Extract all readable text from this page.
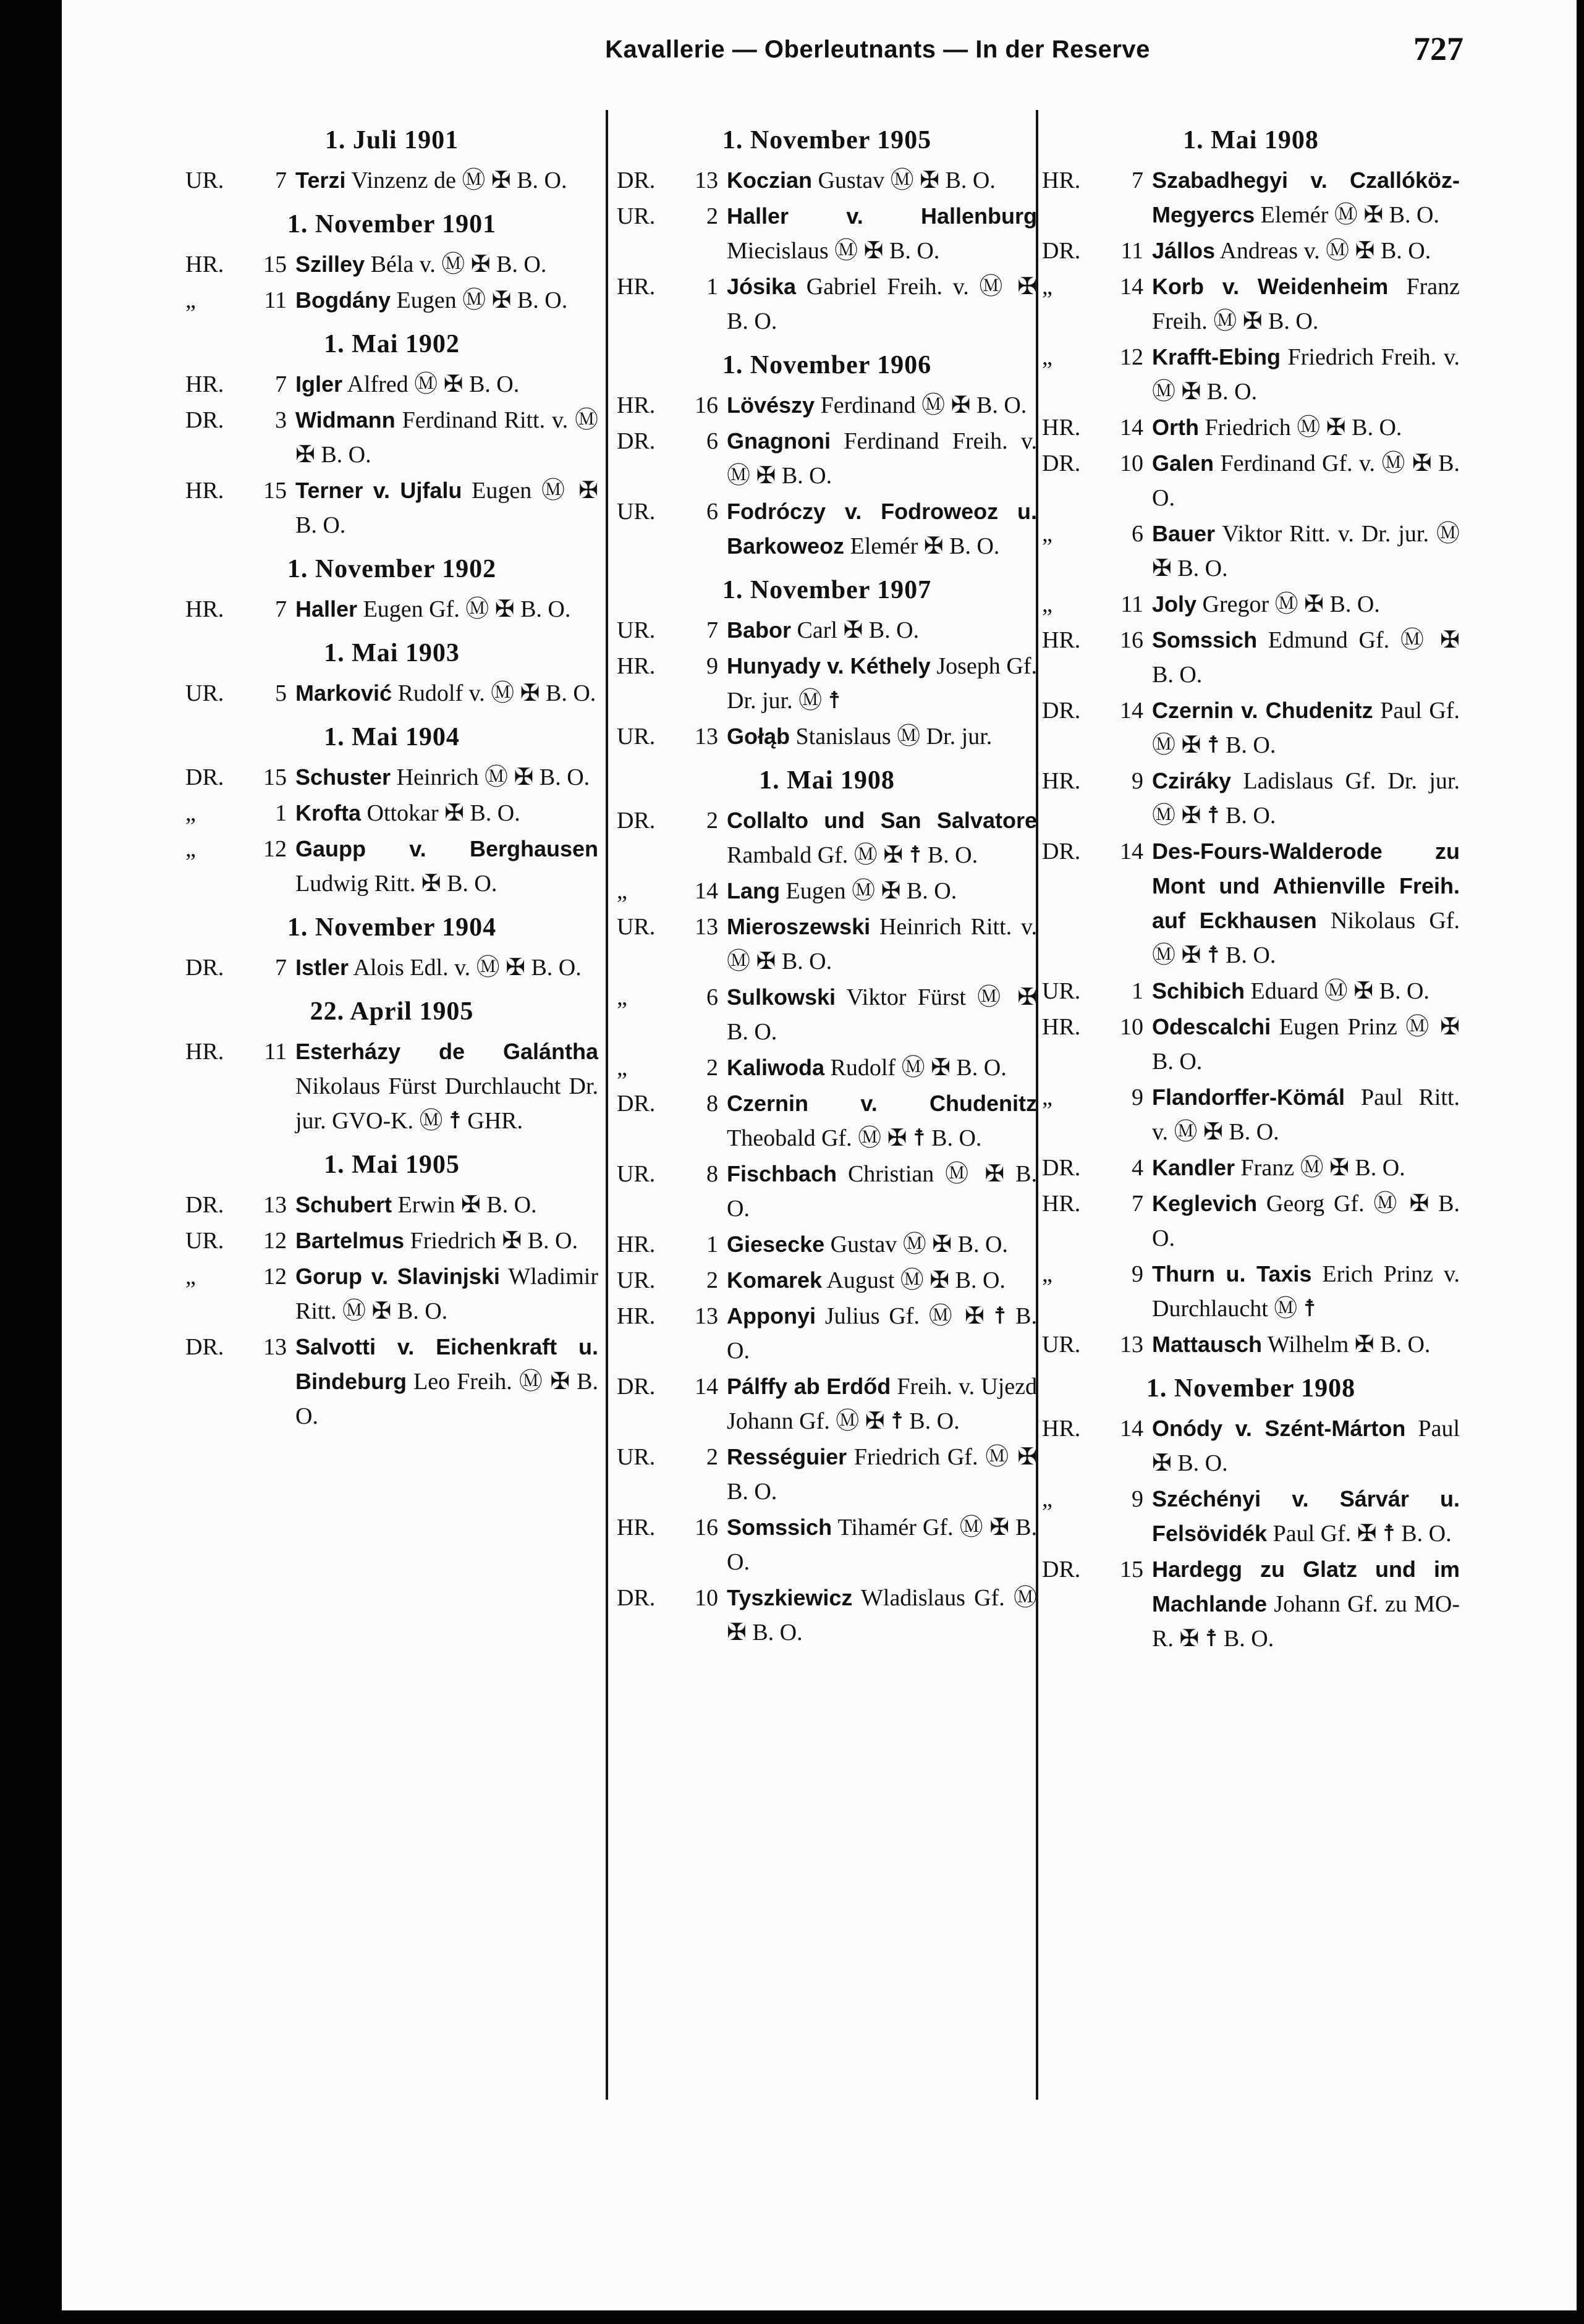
Kavallerie — Oberleutnants — In der Reserve	727
1. Juli 1901
UR.	7 Terzi Vinzenz de Ⓜ ✠ B. O.
1. November 1901
HR.	15 Szilley Béla v. Ⓜ ✠ B. O.
„	11 Bogdány Eugen Ⓜ ✠ B. O.
1. Mai 1902
HR.	7 Igler Alfred Ⓜ ✠ B. O.
DR.	3 Widmann Ferdinand Ritt. v. Ⓜ ✠ B. O.
HR.	15 Terner v. Ujfalu Eugen Ⓜ ✠ B. O.
1. November 1902
HR.	7 Haller Eugen Gf. Ⓜ ✠ B. O.
1. Mai 1903
UR.	5 Marković Rudolf v. Ⓜ ✠ B. O.
1. Mai 1904
DR.	15 Schuster Heinrich Ⓜ ✠ B. O.
„	1 Krofta Ottokar ✠ B. O.
„	12 Gaupp v. Berghausen Ludwig Ritt. ✠ B. O.
1. November 1904
DR.	7 Istler Alois Edl. v. Ⓜ ✠ B. O.
22. April 1905
HR.	11 Esterházy de Galántha Nikolaus Fürst Durchlaucht Dr. jur. GVO-K. Ⓜ ☨ GHR.
1. Mai 1905
DR.	13 Schubert Erwin ✠ B. O.
UR.	12 Bartelmus Friedrich ✠ B. O.
„	12 Gorup v. Slavinjski Wladimir Ritt. Ⓜ ✠ B. O.
DR.	13 Salvotti v. Eichenkraft u. Bindeburg Leo Freih. Ⓜ ✠ B. O.
1. November 1905
DR.	13 Koczian Gustav Ⓜ ✠ B. O.
UR.	2 Haller v. Hallenburg Miecislaus Ⓜ ✠ B. O.
HR.	1 Jósika Gabriel Freih. v. Ⓜ ✠ B. O.
1. November 1906
HR.	16 Lövészy Ferdinand Ⓜ ✠ B. O.
DR.	6 Gnagnoni Ferdinand Freih. v. Ⓜ ✠ B. O.
UR.	6 Fodróczy v. Fodroweoz u. Barkoweoz Elemér ✠ B. O.
1. November 1907
UR.	7 Babor Carl ✠ B. O.
HR.	9 Hunyady v. Kéthely Joseph Gf. Dr. jur. Ⓜ ☨
UR.	13 Gołąb Stanislaus Ⓜ Dr. jur.
1. Mai 1908
DR.	2 Collalto und San Salvatore Rambald Gf. Ⓜ ✠ ☨ B. O.
„	14 Lang Eugen Ⓜ ✠ B. O.
UR.	13 Mieroszewski Heinrich Ritt. v. Ⓜ ✠ B. O.
„	6 Sulkowski Viktor Fürst Ⓜ ✠ B. O.
„	2 Kaliwoda Rudolf Ⓜ ✠ B. O.
DR.	8 Czernin v. Chudenitz Theobald Gf. Ⓜ ✠ ☨ B. O.
UR.	8 Fischbach Christian Ⓜ ✠ B. O.
HR.	1 Giesecke Gustav Ⓜ ✠ B. O.
UR.	2 Komarek August Ⓜ ✠ B. O.
HR.	13 Apponyi Julius Gf. Ⓜ ✠ ☨ B. O.
DR.	14 Pálffy ab Erdőd Freih. v. Ujezd Johann Gf. Ⓜ ✠ ☨ B. O.
UR.	2 Rességuier Friedrich Gf. Ⓜ ✠ B. O.
HR.	16 Somssich Tihamér Gf. Ⓜ ✠ B. O.
DR.	10 Tyszkiewicz Wladislaus Gf. Ⓜ ✠ B. O.
1. Mai 1908
HR.	7 Szabadhegyi v. Czallóköz-Megyercs Elemér Ⓜ ✠ B. O.
DR.	11 Jállos Andreas v. Ⓜ ✠ B. O.
„	14 Korb v. Weidenheim Franz Freih. Ⓜ ✠ B. O.
„	12 Krafft-Ebing Friedrich Freih. v. Ⓜ ✠ B. O.
HR.	14 Orth Friedrich Ⓜ ✠ B. O.
DR.	10 Galen Ferdinand Gf. v. Ⓜ ✠ B. O.
„	6 Bauer Viktor Ritt. v. Dr. jur. Ⓜ ✠ B. O.
„	11 Joly Gregor Ⓜ ✠ B. O.
HR.	16 Somssich Edmund Gf. Ⓜ ✠ B. O.
DR.	14 Czernin v. Chudenitz Paul Gf. Ⓜ ✠ ☨ B. O.
HR.	9 Cziráky Ladislaus Gf. Dr. jur. Ⓜ ✠ ☨ B. O.
DR.	14 Des-Fours-Walderode zu Mont und Athienville Freih. auf Eckhausen Nikolaus Gf. Ⓜ ✠ ☨ B. O.
UR.	1 Schibich Eduard Ⓜ ✠ B. O.
HR.	10 Odescalchi Eugen Prinz Ⓜ ✠ B. O.
„	9 Flandorffer-Kömál Paul Ritt. v. Ⓜ ✠ B. O.
DR.	4 Kandler Franz Ⓜ ✠ B. O.
HR.	7 Keglevich Georg Gf. Ⓜ ✠ B. O.
„	9 Thurn u. Taxis Erich Prinz v. Durchlaucht Ⓜ ☨
UR.	13 Mattausch Wilhelm ✠ B. O.
1. November 1908
HR.	14 Onódy v. Szént-Márton Paul ✠ B. O.
„	9 Széchényi v. Sárvár u. Felsövidék Paul Gf. ✠ ☨ B. O.
DR.	15 Hardegg zu Glatz und im Machlande Johann Gf. zu MO-R. ✠ ☨ B. O.
